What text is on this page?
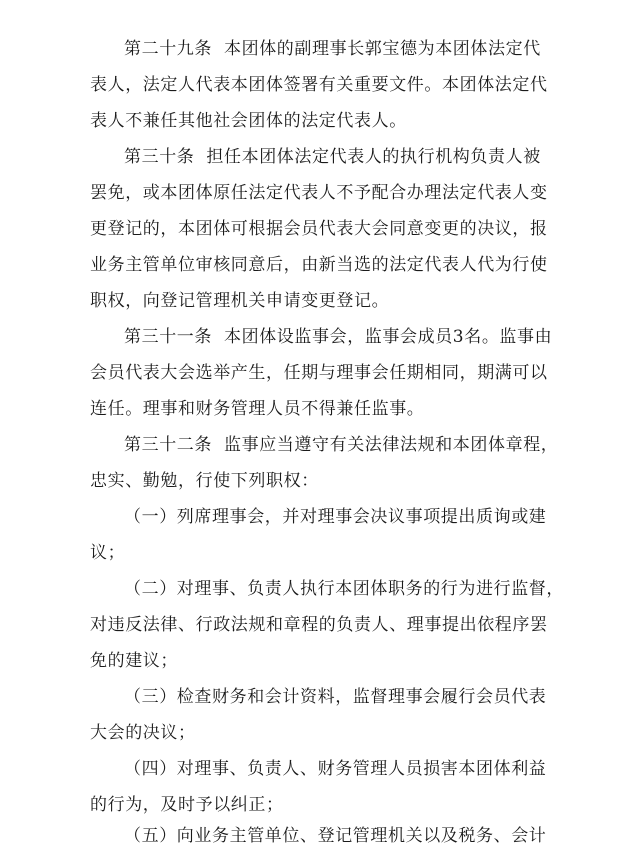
第二十九条  本团体的副理事长郭宝德为本团体法定代
表人，法定人代表本团体签署有关重要文件。本团体法定代
表人不兼任其他社会团体的法定代表人。
第三十条  担任本团体法定代表人的执行机构负责人被
罢免，或本团体原任法定代表人不予配合办理法定代表人变
更登记的，本团体可根据会员代表大会同意变更的决议，报
业务主管单位审核同意后，由新当选的法定代表人代为行使
职权，向登记管理机关申请变更登记。
第三十一条  本团体设监事会，监事会成员3名。监事由
会员代表大会选举产生，任期与理事会任期相同，期满可以
连任。理事和财务管理人员不得兼任监事。
第三十二条  监事应当遵守有关法律法规和本团体章程，
忠实、勤勉，行使下列职权：
（一）列席理事会，并对理事会决议事项提出质询或建
议；
（二）对理事、负责人执行本团体职务的行为进行监督，
对违反法律、行政法规和章程的负责人、理事提出依程序罢
免的建议；
（三）检查财务和会计资料，监督理事会履行会员代表
大会的决议；
（四）对理事、负责人、财务管理人员损害本团体利益
的行为，及时予以纠正；
（五）向业务主管单位、登记管理机关以及税务、会计
